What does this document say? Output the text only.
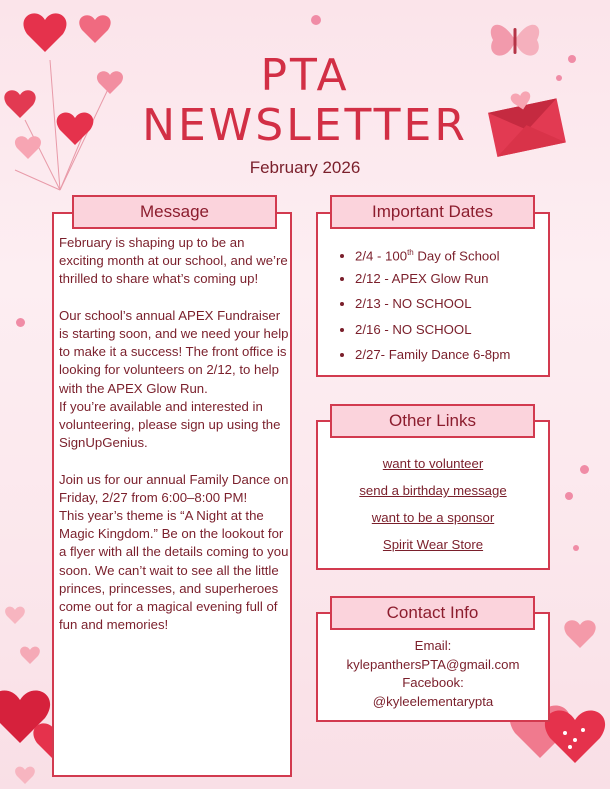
PTA
NEWSLETTER
February 2026
Message
February is shaping up to be an exciting month at our school, and we’re thrilled to share what’s coming up!

Our school’s annual APEX Fundraiser is starting soon, and we need your help to make it a success! The front office is looking for volunteers on 2/12, to help with the APEX Glow Run.
If you’re available and interested in volunteering, please sign up using the SignUpGenius.

Join us for our annual Family Dance on Friday, 2/27 from 6:00–8:00 PM!
This year’s theme is “A Night at the Magic Kingdom.” Be on the lookout for a flyer with all the details coming to you soon. We can’t wait to see all the little princes, princesses, and superheroes come out for a magical evening full of fun and memories!
Important Dates
• 2/4 - 100th Day of School
• 2/12 - APEX Glow Run
• 2/13 - NO SCHOOL
• 2/16 - NO SCHOOL
• 2/27- Family Dance 6-8pm
Other Links
want to volunteer
send a birthday message
want to be a sponsor
Spirit Wear Store
Contact Info
Email:
kylepanthersPTA@gmail.com
Facebook:
@kyleelementarypta
